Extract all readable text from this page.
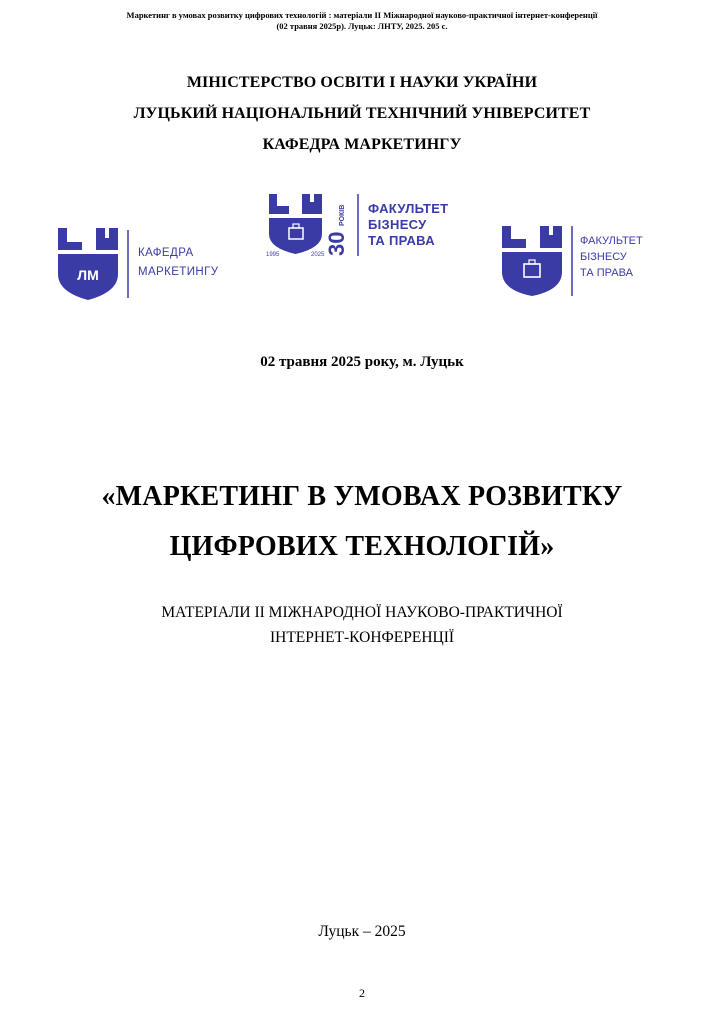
Маркетинг в умовах розвитку цифрових технологій : матеріали ІІ Міжнародної науково-практичної інтернет-конференції
(02 травня 2025р). Луцьк: ЛНТУ, 2025. 205 с.
МІНІСТЕРСТВО ОСВІТИ І НАУКИ УКРАЇНИ
ЛУЦЬКИЙ НАЦІОНАЛЬНИЙ ТЕХНІЧНИЙ УНІВЕРСИТЕТ
КАФЕДРА МАРКЕТИНГУ
ЛМ
КАФЕДРА
МАРКЕТИНГУ
1995	2025 30
РОКІВ ФАКУЛЬТЕТ
БІЗНЕСУ
ТА ПРАВА	ФАКУЛЬТЕТ
БІЗНЕСУ
ТА ПРАВА
02 травня 2025 року, м. Луцьк
«МАРКЕТИНГ В УМОВАХ РОЗВИТКУ
ЦИФРОВИХ ТЕХНОЛОГІЙ»
МАТЕРІАЛИ ІІ МІЖНАРОДНОЇ НАУКОВО-ПРАКТИЧНОЇ
ІНТЕРНЕТ-КОНФЕРЕНЦІЇ
Луцьк – 2025
2
